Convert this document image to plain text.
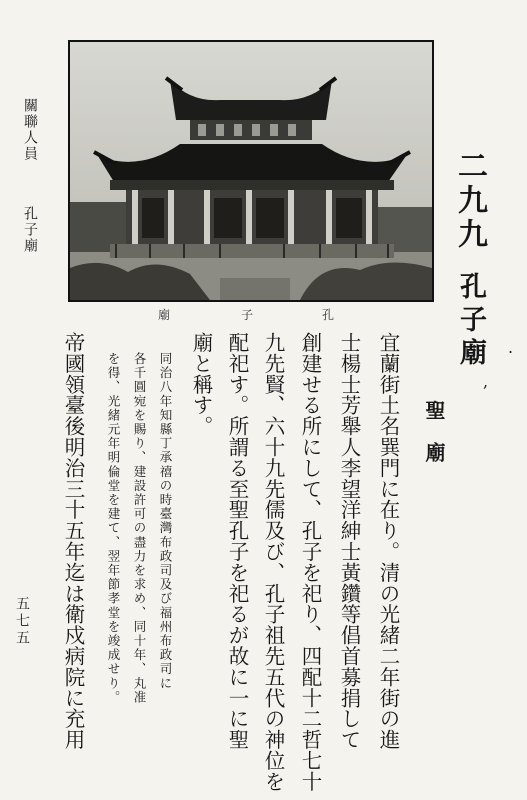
關聯人員
孔子廟
廟	子	孔
二九九
孔子廟 .
,
聖廟
宜蘭街土名巽門に在り。清の光緒二年街の進
士楊士芳舉人李望洋紳士黃鑽等倡首募捐して
創建せる所にして、孔子を祀り、四配十二哲七十
九先賢、六十九先儒及び、孔子祖先五代の神位を
配祀す。所謂る至聖孔子を祀るが故に一に聖
廟と稱す。
同治八年知縣丁承禧の時臺灣布政司及び福州布政司に
各千圓宛を賜り、建設許可の盡力を求め、同十年、丸准
を得、光緒元年明倫堂を建て、翌年節孝堂を竣成せり。
帝國領臺後明治三十五年迄は衛戍病院に充用
五七五
